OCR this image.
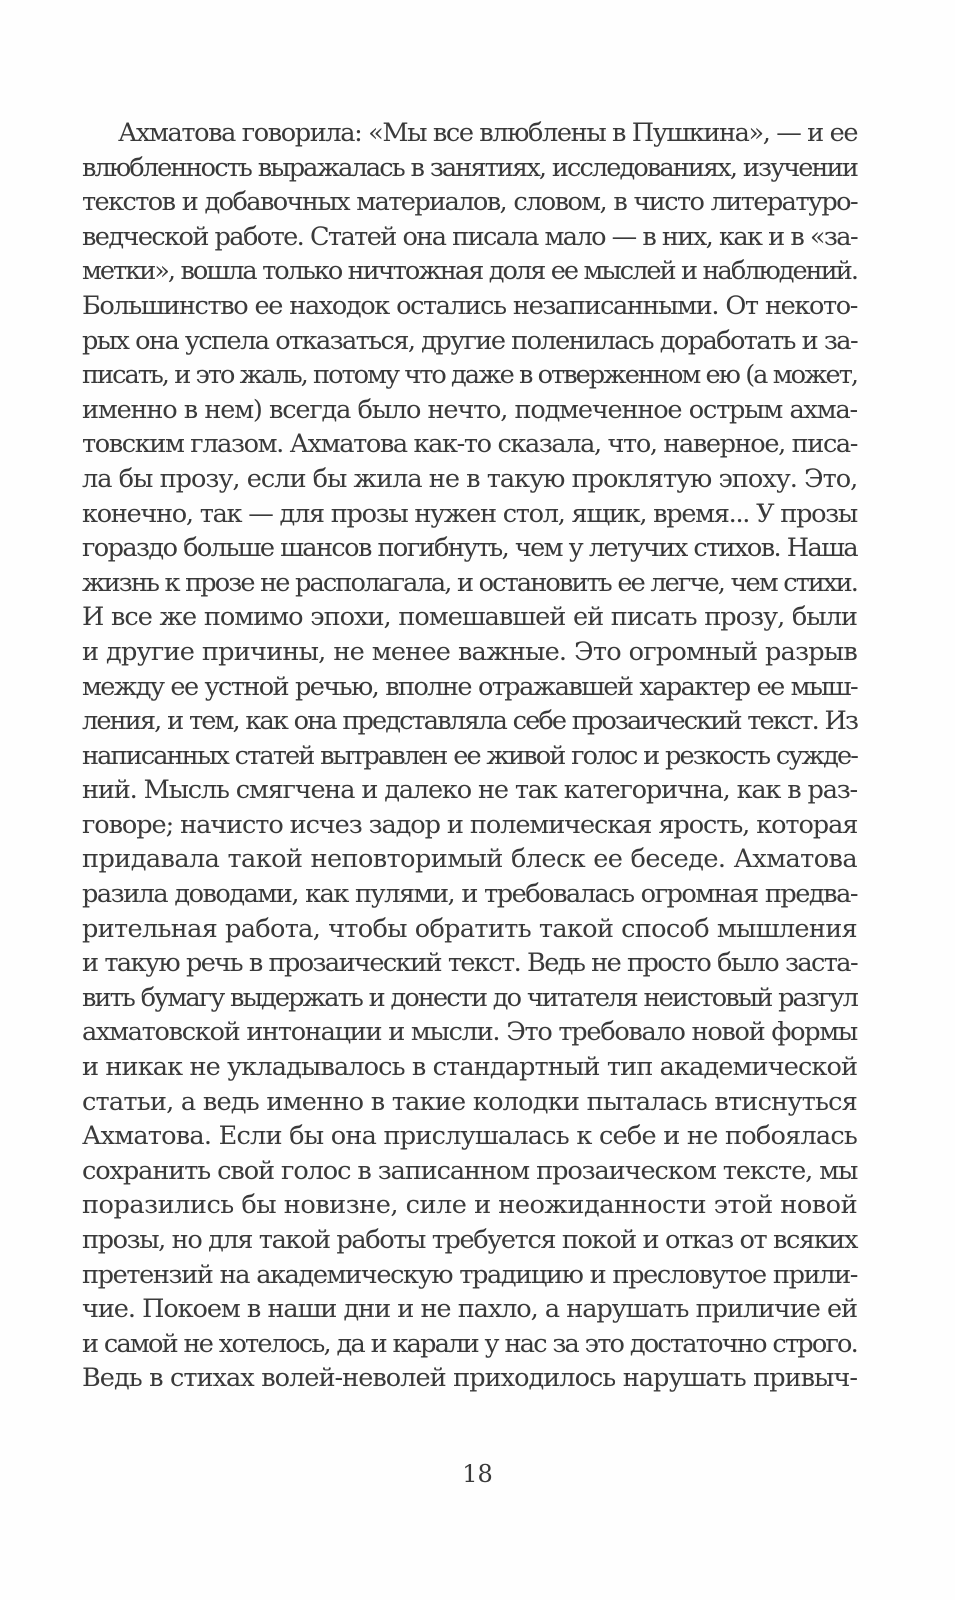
Ахматова говорила: «Мы все влюблены в Пушкина», — и ее
влюбленность выражалась в занятиях, исследованиях, изучении
текстов и добавочных материалов, словом, в чисто литературо-
ведческой работе. Статей она писала мало — в них, как и в «за-
метки», вошла только ничтожная доля ее мыслей и наблюдений.
Большинство ее находок остались незаписанными. От некото-
рых она успела отказаться, другие поленилась доработать и за-
писать, и это жаль, потому что даже в отверженном ею (а может,
именно в нем) всегда было нечто, подмеченное острым ахма-
товским глазом. Ахматова как-то сказала, что, наверное, писа-
ла бы прозу, если бы жила не в такую проклятую эпоху. Это,
конечно, так — для прозы нужен стол, ящик, время... У прозы
гораздо больше шансов погибнуть, чем у летучих стихов. Наша
жизнь к прозе не располагала, и остановить ее легче, чем стихи.
И все же помимо эпохи, помешавшей ей писать прозу, были
и другие причины, не менее важные. Это огромный разрыв
между ее устной речью, вполне отражавшей характер ее мыш-
ления, и тем, как она представляла себе прозаический текст. Из
написанных статей вытравлен ее живой голос и резкость сужде-
ний. Мысль смягчена и далеко не так категорична, как в раз-
говоре; начисто исчез задор и полемическая ярость, которая
придавала такой неповторимый блеск ее беседе. Ахматова
разила доводами, как пулями, и требовалась огромная предва-
рительная работа, чтобы обратить такой способ мышления
и такую речь в прозаический текст. Ведь не просто было заста-
вить бумагу выдержать и донести до читателя неистовый разгул
ахматовской интонации и мысли. Это требовало новой формы
и никак не укладывалось в стандартный тип академической
статьи, а ведь именно в такие колодки пыталась втиснуться
Ахматова. Если бы она прислушалась к себе и не побоялась
сохранить свой голос в записанном прозаическом тексте, мы
поразились бы новизне, силе и неожиданности этой новой
прозы, но для такой работы требуется покой и отказ от всяких
претензий на академическую традицию и пресловутое прили-
чие. Покоем в наши дни и не пахло, а нарушать приличие ей
и самой не хотелось, да и карали у нас за это достаточно строго.
Ведь в стихах волей-неволей приходилось нарушать привыч-
18
